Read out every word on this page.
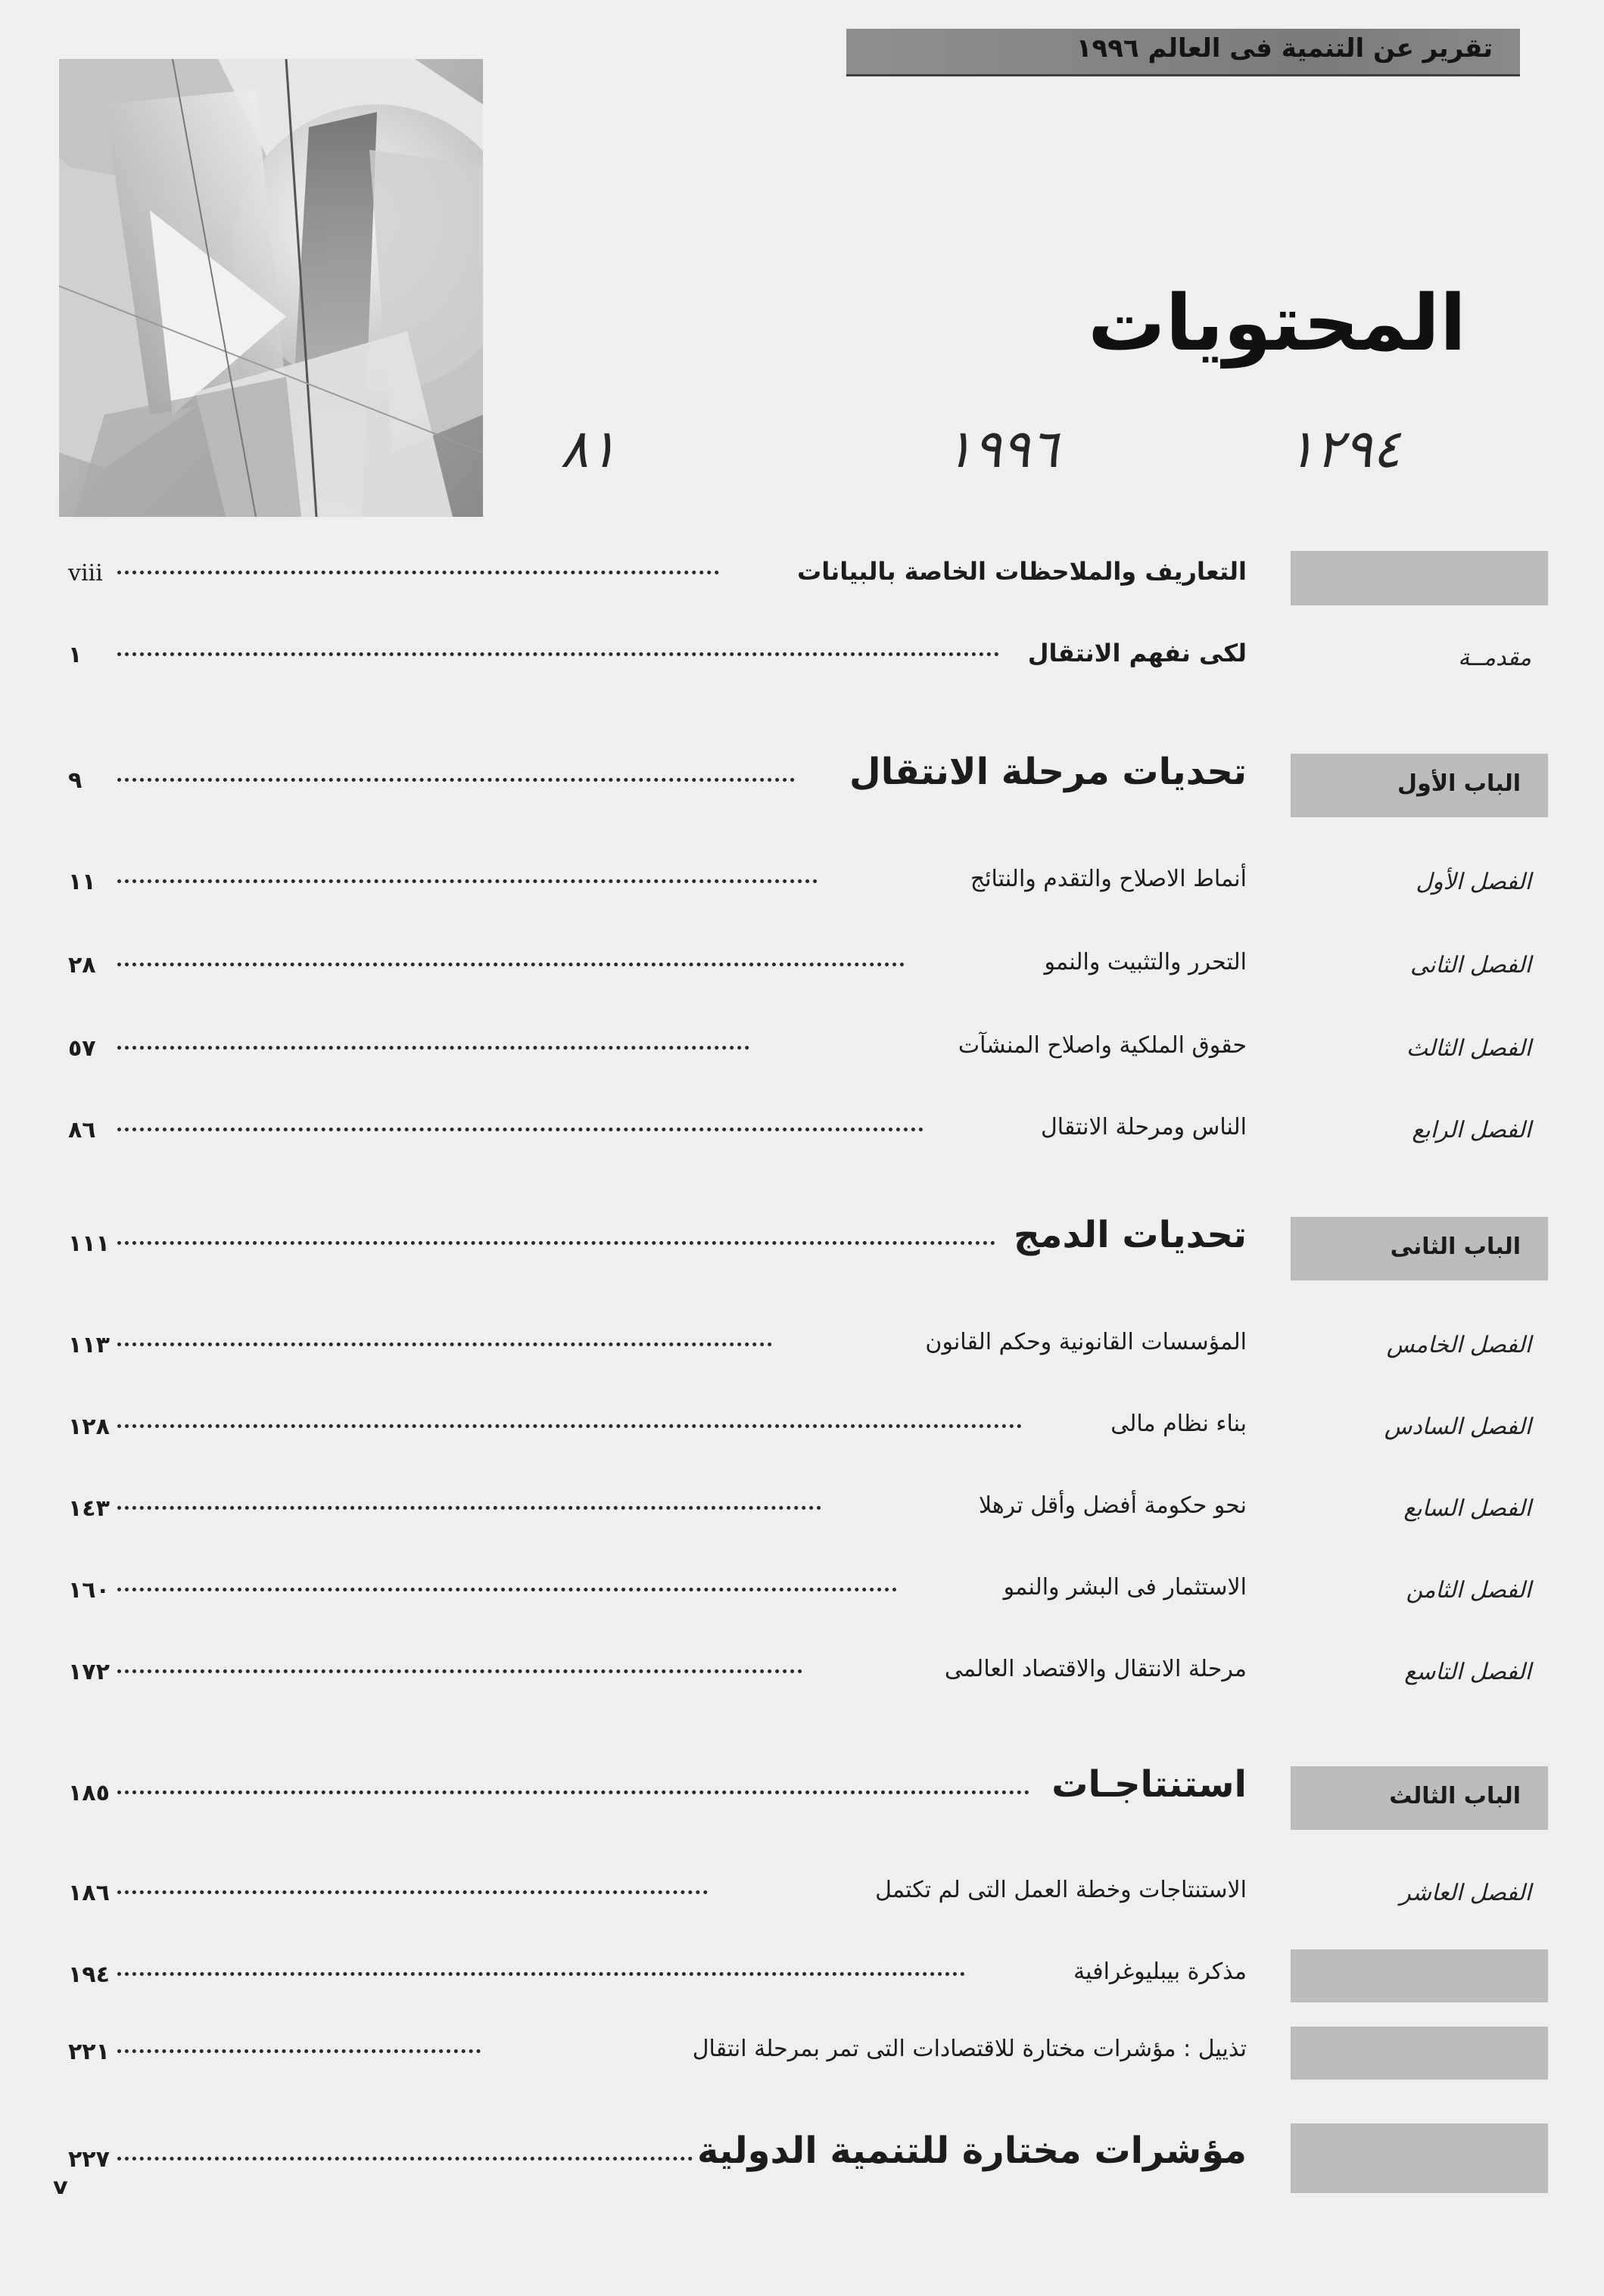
تقرير عن التنمية فى العالم ١٩٩٦
المحتويات
٨١	١٩٩٦	١٢٩٤
التعاريف والملاحظات الخاصة بالبيانات
viii
مقدمــة
لكى نفهم الانتقال
١
الباب الأول
تحديات مرحلة الانتقال
٩
الفصل الأول
أنماط الاصلاح والتقدم والنتائج
١١
الفصل الثانى
التحرر والتثبيت والنمو
٢٨
الفصل الثالث
حقوق الملكية واصلاح المنشآت
٥٧
الفصل الرابع
الناس ومرحلة الانتقال
٨٦
الباب الثانى
تحديات الدمج
١١١
الفصل الخامس
المؤسسات القانونية وحكم القانون
١١٣
الفصل السادس
بناء نظام مالى
١٢٨
الفصل السابع
نحو حكومة أفضل وأقل ترهلا
١٤٣
الفصل الثامن
الاستثمار فى البشر والنمو
١٦٠
الفصل التاسع
مرحلة الانتقال والاقتصاد العالمى
١٧٢
الباب الثالث
استنتاجـات
١٨٥
الفصل العاشر
الاستنتاجات وخطة العمل التى لم تكتمل
١٨٦
مذكرة بيبليوغرافية
١٩٤
تذييل : مؤشرات مختارة للاقتصادات التى تمر بمرحلة انتقال
٢٢١
مؤشرات مختارة للتنمية الدولية
٢٢٧
v
